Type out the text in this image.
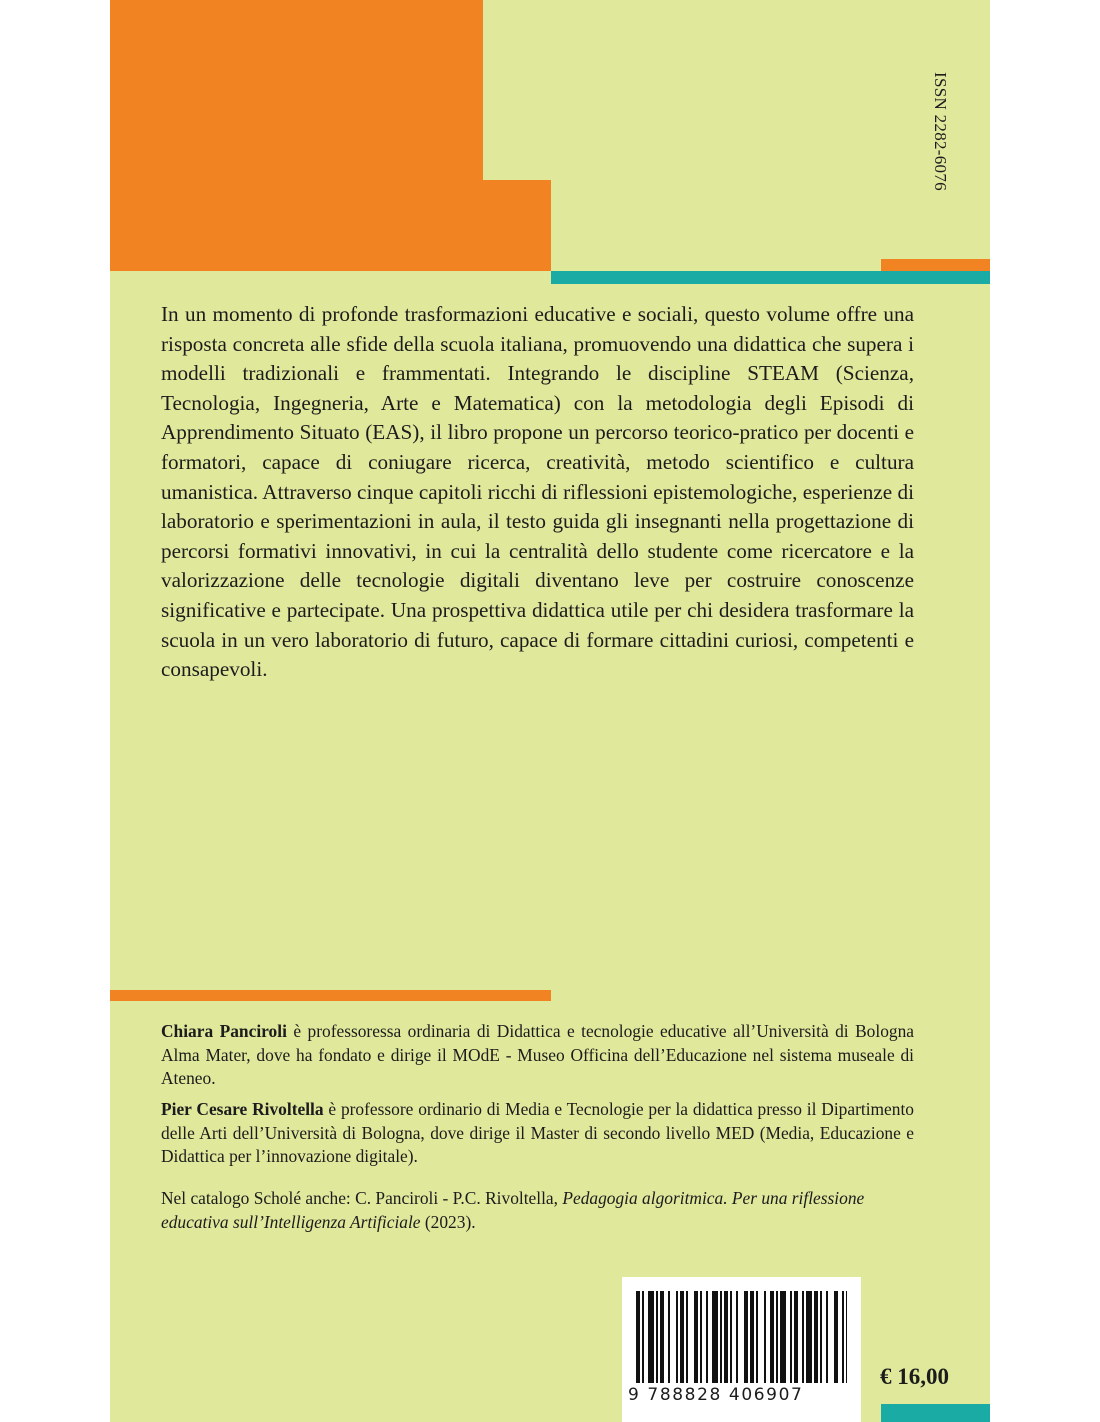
ISSN 2282-6076

In un momento di profonde trasformazioni educative e sociali, questo volume offre una risposta concreta alle sfide della scuola italiana, promuovendo una didattica che supera i modelli tradizionali e frammentati. Integrando le discipline STEAM (Scienza, Tecnologia, Ingegneria, Arte e Matematica) con la metodologia degli Episodi di Apprendimento Situato (EAS), il libro propone un percorso teorico-pratico per docenti e formatori, capace di coniugare ricerca, creatività, metodo scientifico e cultura umanistica. Attraverso cinque capitoli ricchi di riflessioni epistemologiche, esperienze di laboratorio e sperimentazioni in aula, il testo guida gli insegnanti nella progettazione di percorsi formativi innovativi, in cui la centralità dello studente come ricercatore e la valorizzazione delle tecnologie digitali diventano leve per costruire conoscenze significative e partecipate. Una prospettiva didattica utile per chi desidera trasformare la scuola in un vero laboratorio di futuro, capace di formare cittadini curiosi, competenti e consapevoli.

Chiara Panciroli è professoressa ordinaria di Didattica e tecnologie educative all’Università di Bologna Alma Mater, dove ha fondato e dirige il MOdE - Museo Officina dell’Educazione nel sistema museale di Ateneo.

Pier Cesare Rivoltella è professore ordinario di Media e Tecnologie per la didattica presso il Dipartimento delle Arti dell’Università di Bologna, dove dirige il Master di secondo livello MED (Media, Educazione e Didattica per l’innovazione digitale).

Nel catalogo Scholé anche: C. Panciroli - P.C. Rivoltella, Pedagogia algoritmica. Per una riflessione educativa sull’Intelligenza Artificiale (2023).

9 788828 406907
€ 16,00
